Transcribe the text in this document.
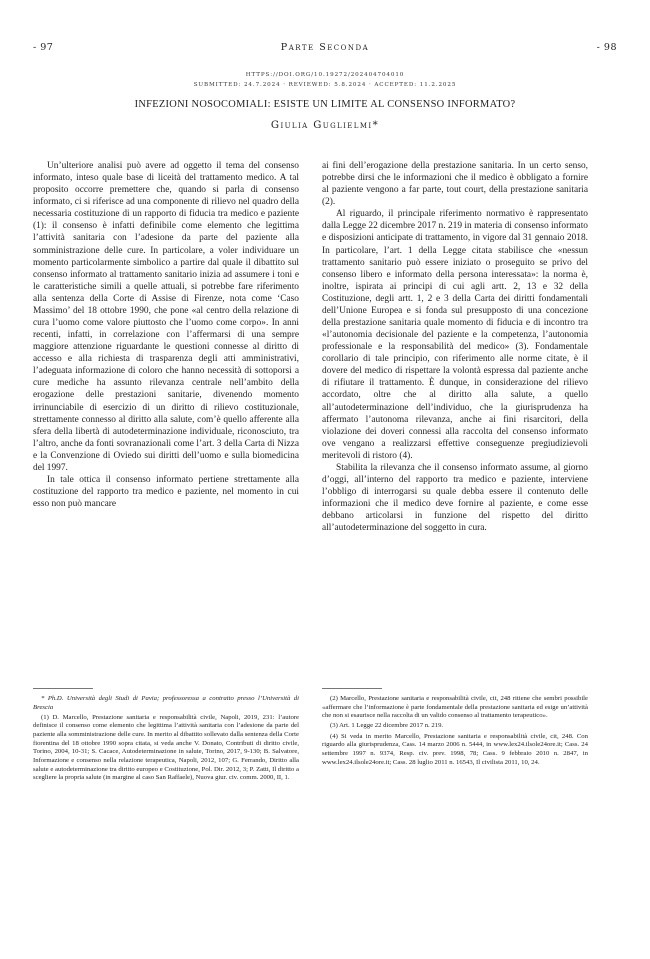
- 97	Parte Seconda	- 98
HTTPS://DOI.ORG/10.19272/202404704010
SUBMITTED: 24.7.2024 · REVIEWED: 5.8.2024 · ACCEPTED: 11.2.2025
INFEZIONI NOSOCOMIALI: ESISTE UN LIMITE AL CONSENSO INFORMATO?
Giulia Guglielmi*

Un’ulteriore analisi può avere ad oggetto il tema del consenso informato, inteso quale base di liceità del trattamento medico. A tal proposito occorre premettere che, quando si parla di consenso informato, ci si riferisce ad una componente di rilievo nel quadro della necessaria costituzione di un rapporto di fiducia tra medico e paziente (1): il consenso è infatti definibile come elemento che legittima l’attività sanitaria con l’adesione da parte del paziente alla somministrazione delle cure. In particolare, a voler individuare un momento particolarmente simbolico a partire dal quale il dibattito sul consenso informato al trattamento sanitario inizia ad assumere i toni e le caratteristiche simili a quelle attuali, si potrebbe fare riferimento alla sentenza della Corte di Assise di Firenze, nota come ‘Caso Massimo’ del 18 ottobre 1990, che pone «al centro della relazione di cura l’uomo come valore piuttosto che l’uomo come corpo». In anni recenti, infatti, in correlazione con l’affermarsi di una sempre maggiore attenzione riguardante le questioni connesse al diritto di accesso e alla richiesta di trasparenza degli atti amministrativi, l’adeguata informazione di coloro che hanno necessità di sottoporsi a cure mediche ha assunto rilevanza centrale nell’ambito della erogazione delle prestazioni sanitarie, divenendo momento irrinunciabile di esercizio di un diritto di rilievo costituzionale, strettamente connesso al diritto alla salute, com’è quello afferente alla sfera della libertà di autodeterminazione individuale, riconosciuto, tra l’altro, anche da fonti sovranazionali come l’art. 3 della Carta di Nizza e la Convenzione di Oviedo sui diritti dell’uomo e sulla biomedicina del 1997.

In tale ottica il consenso informato pertiene strettamente alla costituzione del rapporto tra medico e paziente, nel momento in cui esso non può mancare

ai fini dell’erogazione della prestazione sanitaria. In un certo senso, potrebbe dirsi che le informazioni che il medico è obbligato a fornire al paziente vengono a far parte, tout court, della prestazione sanitaria (2).

Al riguardo, il principale riferimento normativo è rappresentato dalla Legge 22 dicembre 2017 n. 219 in materia di consenso informato e disposizioni anticipate di trattamento, in vigore dal 31 gennaio 2018. In particolare, l’art. 1 della Legge citata stabilisce che «nessun trattamento sanitario può essere iniziato o proseguito se privo del consenso libero e informato della persona interessata»: la norma è, inoltre, ispirata ai principi di cui agli artt. 2, 13 e 32 della Costituzione, degli artt. 1, 2 e 3 della Carta dei diritti fondamentali dell’Unione Europea e si fonda sul presupposto di una concezione della prestazione sanitaria quale momento di fiducia e di incontro tra «l’autonomia decisionale del paziente e la competenza, l’autonomia professionale e la responsabilità del medico» (3). Fondamentale corollario di tale principio, con riferimento alle norme citate, è il dovere del medico di rispettare la volontà espressa dal paziente anche di rifiutare il trattamento. È dunque, in considerazione del rilievo accordato, oltre che al diritto alla salute, a quello all’autodeterminazione dell’individuo, che la giurisprudenza ha affermato l’autonoma rilevanza, anche ai fini risarcitori, della violazione dei doveri connessi alla raccolta del consenso informato ove vengano a realizzarsi effettive conseguenze pregiudizievoli meritevoli di ristoro (4).

Stabilita la rilevanza che il consenso informato assume, al giorno d’oggi, all’interno del rapporto tra medico e paziente, interviene l’obbligo di interrogarsi su quale debba essere il contenuto delle informazioni che il medico deve fornire al paziente, e come esse debbano articolarsi in funzione del rispetto del diritto all’autodeterminazione del soggetto in cura.

* Ph.D. Università degli Studi di Pavia; professoressa a contratto presso l’Università di Brescia

(1) D. Marcello, Prestazione sanitaria e responsabilità civile, Napoli, 2019, 231: l’autore definisce il consenso come elemento che legittima l’attività sanitaria con l’adesione da parte del paziente alla somministrazione delle cure. In merito al dibattito sollevato dalla sentenza della Corte fiorentina del 18 ottobre 1990 sopra citata, si veda anche V. Donato, Contributi di diritto civile, Torino, 2004, 10-31; S. Cacace, Autodeterminazione in salute, Torino, 2017, 9-130; B. Salvatore, Informazione e consenso nella relazione terapeutica, Napoli, 2012, 107; G. Ferrando, Diritto alla salute e autodeterminazione tra diritto europeo e Costituzione, Pol. Dir. 2012, 3; P. Zatti, Il diritto a scegliere la propria salute (in margine al caso San Raffaele), Nuova giur. civ. comm. 2000, II, 1.

(2) Marcello, Prestazione sanitaria e responsabilità civile, cit, 248 ritiene che sembri possibile «affermare che l’informazione è parte fondamentale della prestazione sanitaria ed esige un’attività che non si esaurisce nella raccolta di un valido consenso al trattamento terapeutico».

(3) Art. 1 Legge 22 dicembre 2017 n. 219.

(4) Si veda in merito Marcello, Prestazione sanitaria e responsabilità civile, cit, 248. Con riguardo alla giurisprudenza, Cass. 14 marzo 2006 n. 5444, in www.lex24.ilsole24ore.it; Cass. 24 settembre 1997 n. 9374, Resp. civ. prev. 1998, 78; Cass. 9 febbraio 2010 n. 2847, in www.lex24.ilsole24ore.it; Cass. 28 luglio 2011 n. 16543, Il civilista 2011, 10, 24.
